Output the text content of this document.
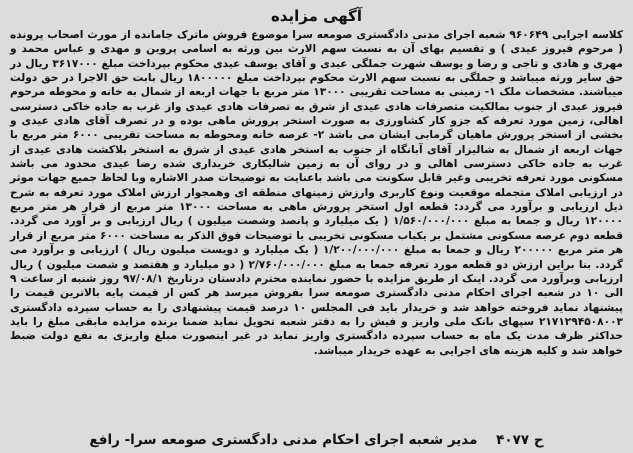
آگهی مزایده

کلاسه اجرایی ۹۶۰۶۴۹ شعبه اجرای مدنی دادگستری صومعه سرا موضوع فروش ماترک جامانده از مورث اصحاب پرونده ( مرحوم فیروز عیدی ) و تقسیم بهای آن به نسبت سهم الارث بین ورثه به اسامی پروین و مهدی و عباس محمد و مهری و هادی و تاجی و رضا و یوسف شهرت جملگی عیدی و آقای یوسف عیدی محکوم بپرداخت مبلغ ۳۶۱۷۰۰۰ ریال در حق سایر ورثه میباشد و جملگی به نسبت سهم الارث محکوم بپرداخت مبلغ ۱۸۰۰۰۰۰ ریال بابت حق الاجرا در حق دولت میباشند. مشخصات ملک ۱- زمینی به مساحت تقریبی ۱۳۰۰۰ متر مربع با جهات اربعه از شمال به خانه و محوطه مرحوم فیروز عیدی از جنوب بمالکیت متصرفات هادی عیدی از شرق به تصرفات هادی عیدی واز غرب به جاده خاکی دسترسی اهالی، زمین مورد تعرفه که جزو کار کشاورزی به صورت استخر پرورش ماهی بوده و در تصرف آقای هادی عیدی و بخشی از استخر پرورش ماهیان گرمابی ایشان می باشد ۲- عرصه خانه ومحوطه به مساحت تقریبی ۶۰۰۰ متر مربع با جهات اربعه از شمال به شالیزار آقای آبانگاه از جنوب به استخر هادی عیدی از شرق به استخر بلاکشت هادی عیدی از غرب به جاده خاکی دسترسی اهالی و در روای آن به زمین شالیکاری خریداری شده رضا عیدی محدود می باشد مسکونی مورد تعرفه تخریبی وغیر قابل سکونت می باشد باعنایت به توضیحات صدر الاشاره وبا لحاظ جمیع جهات موثر در ارزیابی املاک متجمله موقعیت ونوع کاربری وارزش زمینهای منطقه ای وهمجوار ارزش املاک مورد تعرفه به شرح ذیل ارزیابی و برآورد می گردد: قطعه اول استخر پرورش ماهی به مساحت ۱۳۰۰۰ متر مربع از قرار هر متر مربع ۱۲۰۰۰۰ ریال و جمعا به مبلغ ۱/۵۶۰/۰۰۰/۰۰۰ ( یک میلیارد و پانصد وشصت میلیون ) ریال ارزیابی و بر آورد می گردد. قطعه دوم عرصه مسکونی مشتمل بر یکباب مسکونی تخریبی با توضیحات فوق الذکر به مساحت ۶۰۰۰ متر مربع از قرار هر متر مربع ۲۰۰۰۰۰ ریال و جمعا به مبلغ ۱/۲۰۰/۰۰۰/۰۰۰ ( یک میلیارد و دویست میلیون ریال ) ارزیابی و برآورد می گردد. بنا براین ارزش دو قطعه مورد تعرفه جمعا به مبلغ ۲/۷۶۰/۰۰۰/۰۰۰ ( دو میلیارد و هفتصد و شصت میلیون ) ریال ارزیابی وبرآورد می گردد. اینک از طریق مزایده با حضور نماینده محترم دادستان درتاریخ ۹۷/۰۸/۱ روز شنبه از ساعت ۹ الی ۱۰ در شعبه اجرای احکام مدنی دادگستری صومعه سرا بفروش میرسد هر کس از قیمت پایه بالاترین قیمت را پیشنهاد نماید فروخته خواهد شد و خریدار باید فی المجلس ۱۰ درصد قیمت پیشنهادی را به حساب سپرده دادگستری ۲۱۷۱۲۹۴۵۰۸۰۰۳ سپهای بانک ملی واریز و فیش را به دفتر شعبه تحویل نماید ضمنا برنده مزایده مابقی مبلغ را باید حداکثر ظرف مدت یک ماه به حساب سپرده دادگستری واریز نماید در غیر اینصورت مبلغ واریزی به نفع دولت ضبط خواهد شد و کلیه هزینه های اجرایی به عهده خریدار میباشد.

ح ۴۰۷۷ مدیر شعبه اجرای احکام مدنی دادگستری صومعه سرا- رافع
